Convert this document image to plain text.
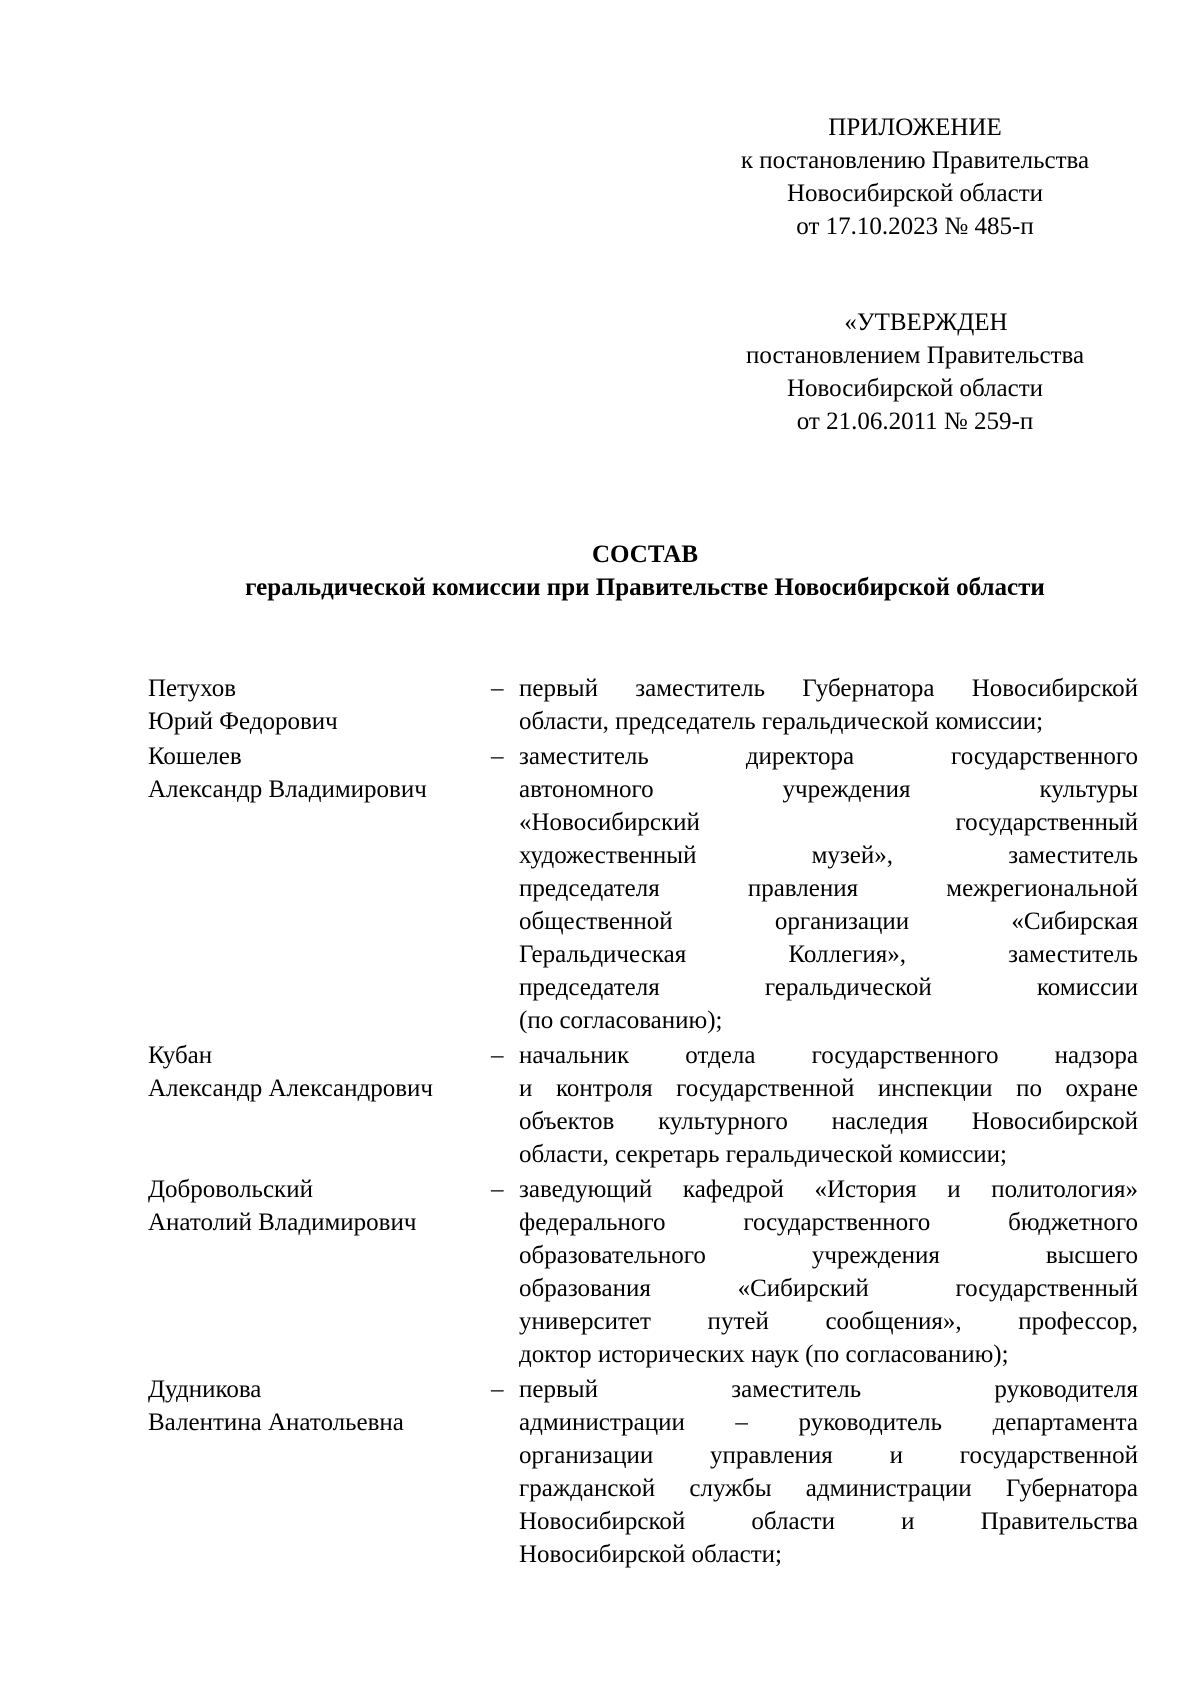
ПРИЛОЖЕНИЕ
к постановлению Правительства
Новосибирской области
от 17.10.2023 № 485-п
«УТВЕРЖДЕН
постановлением Правительства
Новосибирской области
от 21.06.2011 № 259-п
СОСТАВ
геральдической комиссии при Правительстве Новосибирской области
Петухов
Юрий Федорович
– первый заместитель Губернатора Новосибирской
области, председатель геральдической комиссии;
Кошелев
Александр Владимирович
– заместитель директора государственного
автономного учреждения культуры
«Новосибирский государственный
художественный музей», заместитель
председателя правления межрегиональной
общественной организации «Сибирская
Геральдическая Коллегия», заместитель
председателя геральдической комиссии
(по согласованию);
Кубан
Александр Александрович
– начальник отдела государственного надзора
и контроля государственной инспекции по охране
объектов культурного наследия Новосибирской
области, секретарь геральдической комиссии;
Добровольский
Анатолий Владимирович
– заведующий кафедрой «История и политология»
федерального государственного бюджетного
образовательного учреждения высшего
образования «Сибирский государственный
университет путей сообщения», профессор,
доктор исторических наук (по согласованию);
Дудникова
Валентина Анатольевна
– первый заместитель руководителя
администрации – руководитель департамента
организации управления и государственной
гражданской службы администрации Губернатора
Новосибирской области и Правительства
Новосибирской области;
